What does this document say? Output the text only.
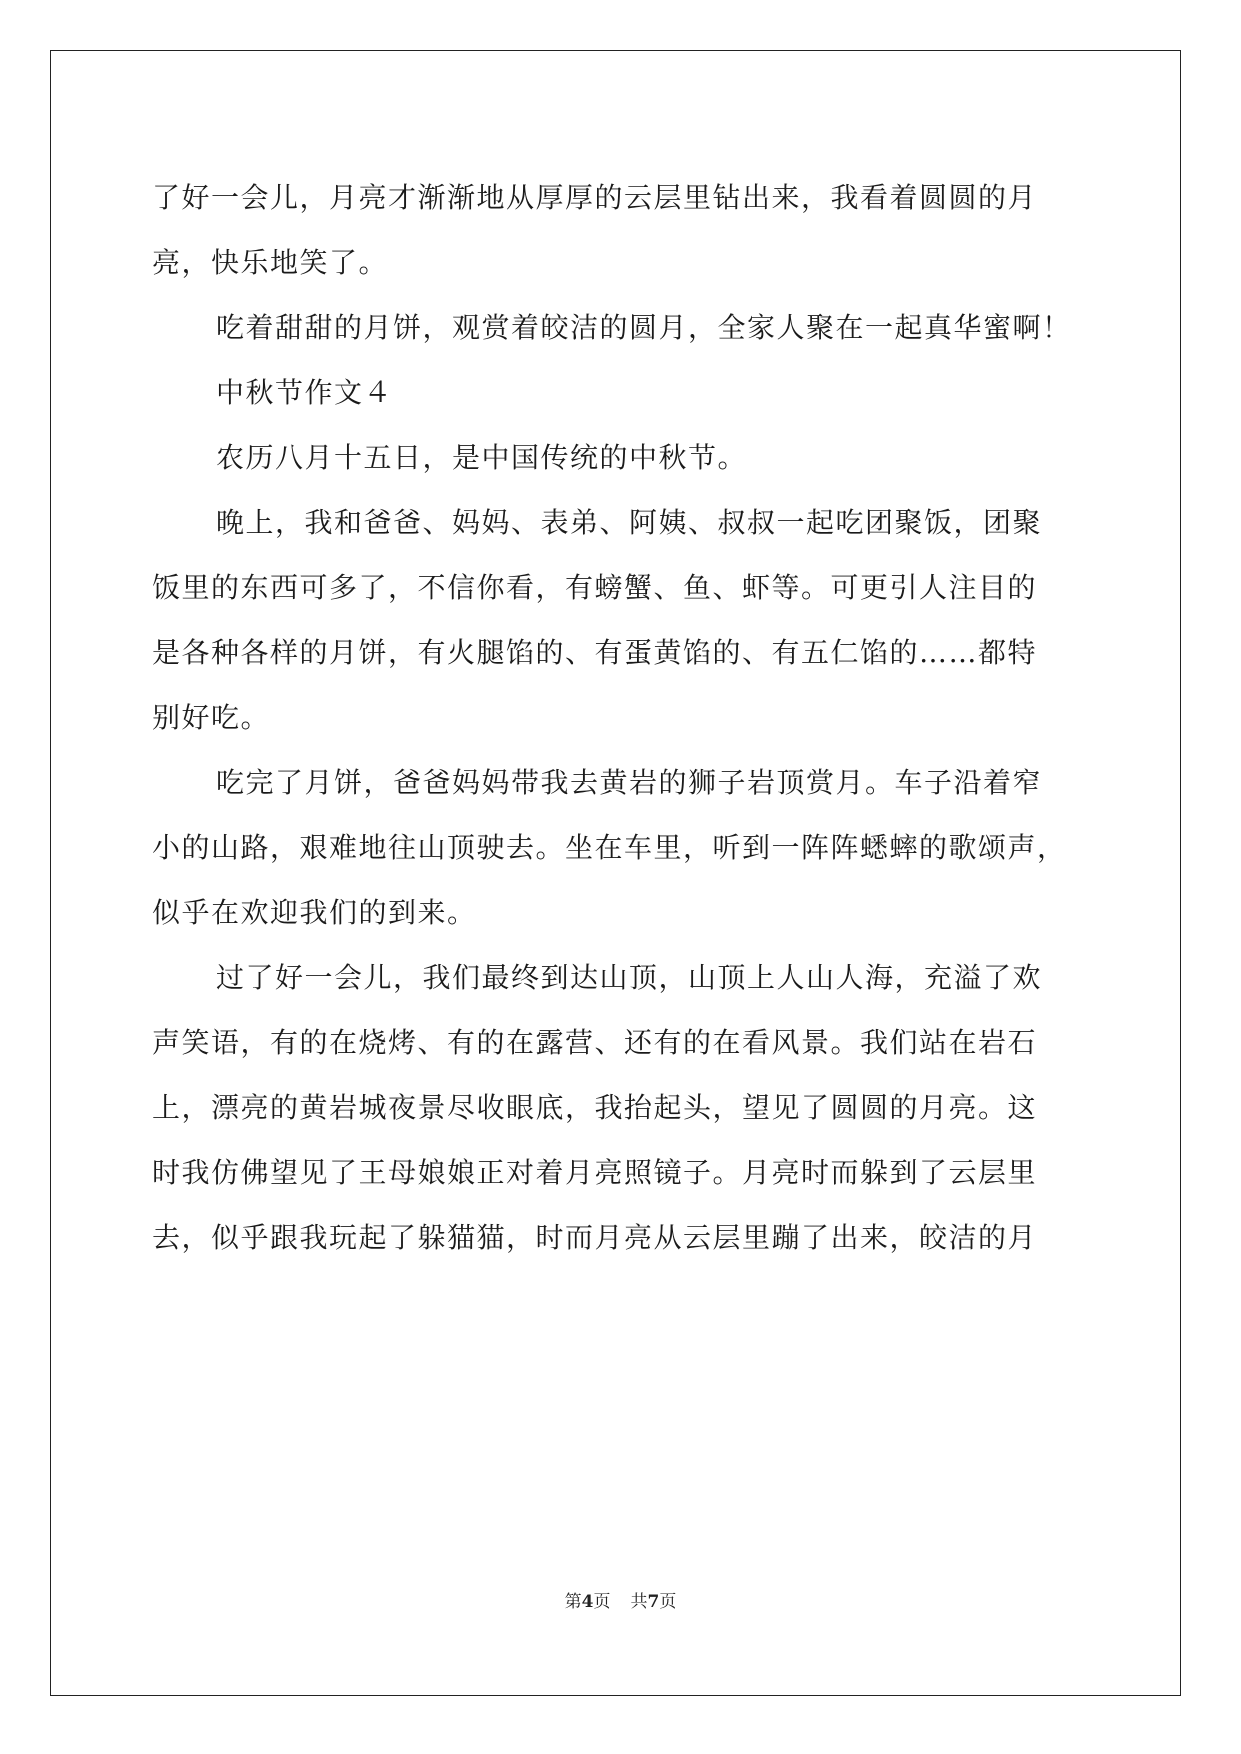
了好一会儿，月亮才渐渐地从厚厚的云层里钻出来，我看着圆圆的月
亮，快乐地笑了。
吃着甜甜的月饼，观赏着皎洁的圆月，全家人聚在一起真华蜜啊！
中秋节作文４
农历八月十五日，是中国传统的中秋节。
晚上，我和爸爸、妈妈、表弟、阿姨、叔叔一起吃团聚饭，团聚
饭里的东西可多了，不信你看，有螃蟹、鱼、虾等。可更引人注目的
是各种各样的月饼，有火腿馅的、有蛋黄馅的、有五仁馅的……都特
别好吃。
吃完了月饼，爸爸妈妈带我去黄岩的狮子岩顶赏月。车子沿着窄
小的山路，艰难地往山顶驶去。坐在车里，听到一阵阵蟋蟀的歌颂声，
似乎在欢迎我们的到来。
过了好一会儿，我们最终到达山顶，山顶上人山人海，充溢了欢
声笑语，有的在烧烤、有的在露营、还有的在看风景。我们站在岩石
上，漂亮的黄岩城夜景尽收眼底，我抬起头，望见了圆圆的月亮。这
时我仿佛望见了王母娘娘正对着月亮照镜子。月亮时而躲到了云层里
去，似乎跟我玩起了躲猫猫，时而月亮从云层里蹦了出来，皎洁的月
第4页 共7页
